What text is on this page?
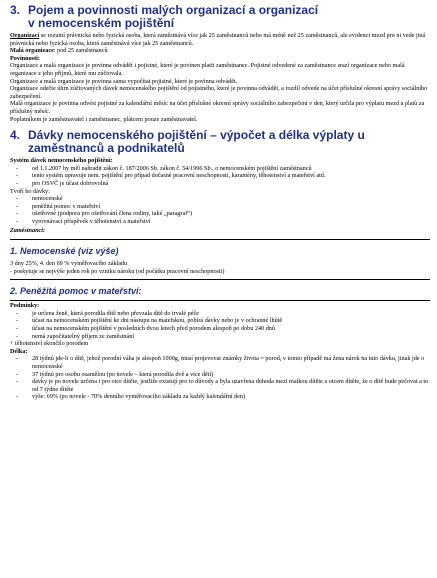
3. Pojem a povinnosti malých organizací a organizací
v nemocenském pojištění

Organizací se rozumí právnická nebo fyzická osoba, která zaměstnává více jak 25 zaměstnanců nebo má méně než 25 zaměstnanců, ale evidenci mezd pro ni vede jiná právnická nebo fyzická osoba, která zaměstnává více jak 25 zaměstnanců.

Malá organizace: pod 25 zaměstnanců

Povinnosti:

Organizace a malá organizace je povinna odvádět i pojistné, které je povinen platit zaměstnanec. Pojistné odvedené za zaměstnance srazí organizace nebo malá organizace z jeho příjmů, které mu zúčtovala.

Organizace a malá organizace je povinna sama vypočítat pojistné, které je povinna odvádět.

Organizace odečte úhrn zúčtovaných dávek nemocenského pojištění od pojistného, které je povinna odvádět, a rozdíl odvede na účet příslušné okresní správy sociálního zabezpečení.

Malá organizace je povinna odvést pojistné za kalendářní měsíc na účet příslušné okresní správy sociálního zabezpečení v den, který určila pro výplatu mezd a platů za příslušný měsíc.

Poplatníkem je zaměstnavatel i zaměstnanec, plátcem pouze zaměstnavatel.

4. Dávky nemocenského pojištění – výpočet a délka výplaty u
zaměstnanců a podnikatelů

Systém dávek nemocenského pojištění:

- od 1.1.2007 by měl nahradit zákon č. 187/2006 Sb. zákon č. 54/1996 Sb., o nemocenském pojištění zaměstnanců
- tento systém upravuje nem. pojištění pro případ dočasné pracovní neschopnosti, karantény, těhotenství a mateřství atd.
- pro OSVČ je účast dobrovolná

Tvoří ho dávky:

- nemocenské
- peněžitá pomoc v mateřství
- ošetřovné (podpora pro ošetřování člena rodiny, také „paragraf“)
- vyrovnávací příspěvek v těhotenství a mateřství

Zaměstnanci:

1. Nemocenské (viz výše)

3 dny 25%, 4. den 69 % vyměřovacího základu

- poskytuje se nejvýše jeden rok po vzniku nároku (od počátku pracovní neschopnosti)

2. Peněžitá pomoc v mateřství:

Podmínky:

- je určena ženě, která porodila dítě nebo převzala dítě do trvalé péče
- účast na nemocenském pojištění ke dni nástupu na mateřskou, pobírá dávky nebo je v ochranné lhůtě
- účast na nemocenském pojištění v posledních dvou letech před porodem alespoň po dobu 240 dnů
- nemá započitatelný příjem ze zaměstnání

+ těhotenství skončilo porodem

Délka:

- 28 týdnů jde-li o dítě, jehož porodní váha je alespoň 1000g, musí projevovat známky života = porod, v tomto případě má žena nárok na tuto dávku, jinak jde o nemocenské
- 37 týdnů pro osobu osamělou (po novele – která porodila dvě a více dětí)
- dávky je po novele určena i pro otce dítěte, jestliže existují pro to důvody a byla uzavřena dohoda mezi matkou dítěte a otcem dítěte, že o dítě bude pečovat a to od 7 týdne dítěte
- výše: 69% (po novele - 70% denního vyměřovacího základu za každý kalendářní den)
